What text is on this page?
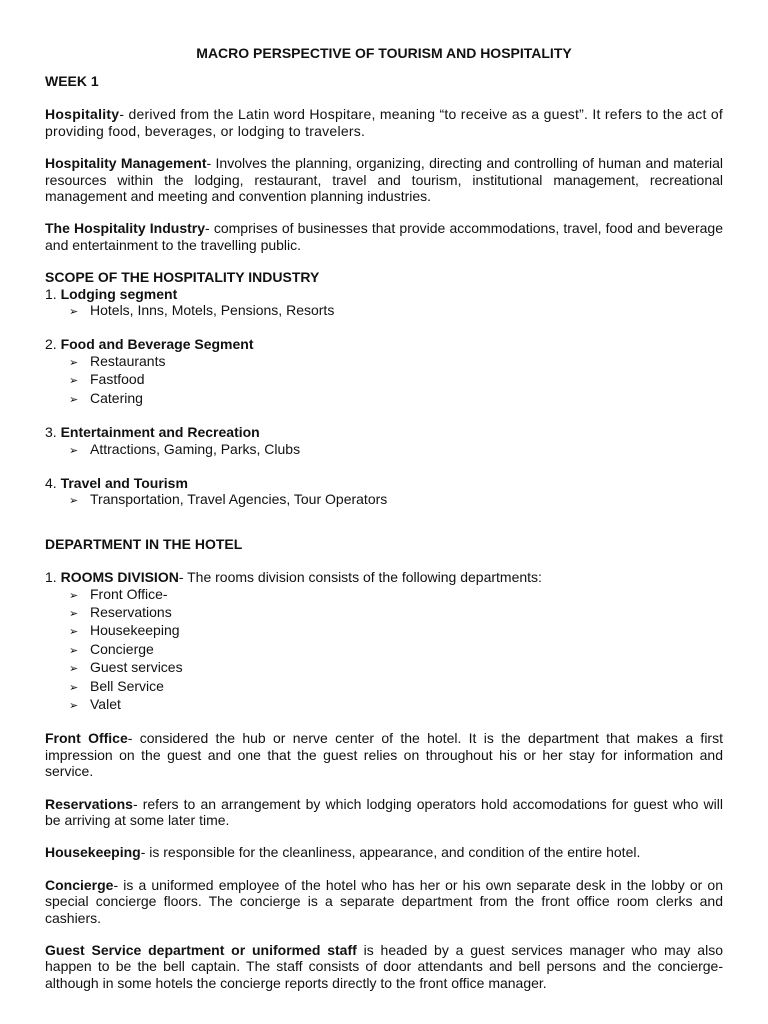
MACRO PERSPECTIVE OF TOURISM AND HOSPITALITY

WEEK 1

Hospitality- derived from the Latin word Hospitare, meaning “to receive as a guest”. It refers to the act of providing food, beverages, or lodging to travelers.

Hospitality Management- Involves the planning, organizing, directing and controlling of human and material resources within the lodging, restaurant, travel and tourism, institutional management, recreational management and meeting and convention planning industries.

The Hospitality Industry- comprises of businesses that provide accommodations, travel, food and beverage and entertainment to the travelling public.

SCOPE OF THE HOSPITALITY INDUSTRY

1. Lodging segment

➢ Hotels, Inns, Motels, Pensions, Resorts

2. Food and Beverage Segment

➢ Restaurants
➢ Fastfood
➢ Catering

3. Entertainment and Recreation

➢ Attractions, Gaming, Parks, Clubs

4. Travel and Tourism

➢ Transportation, Travel Agencies, Tour Operators

DEPARTMENT IN THE HOTEL

1. ROOMS DIVISION- The rooms division consists of the following departments:

➢ Front Office-
➢ Reservations
➢ Housekeeping
➢ Concierge
➢ Guest services
➢ Bell Service
➢ Valet

Front Office- considered the hub or nerve center of the hotel. It is the department that makes a first impression on the guest and one that the guest relies on throughout his or her stay for information and service.

Reservations- refers to an arrangement by which lodging operators hold accomodations for guest who will be arriving at some later time.

Housekeeping- is responsible for the cleanliness, appearance, and condition of the entire hotel.

Concierge- is a uniformed employee of the hotel who has her or his own separate desk in the lobby or on special concierge floors. The concierge is a separate department from the front office room clerks and cashiers.

Guest Service department or uniformed staff is headed by a guest services manager who may also happen to be the bell captain. The staff consists of door attendants and bell persons and the concierge- although in some hotels the concierge reports directly to the front office manager.
